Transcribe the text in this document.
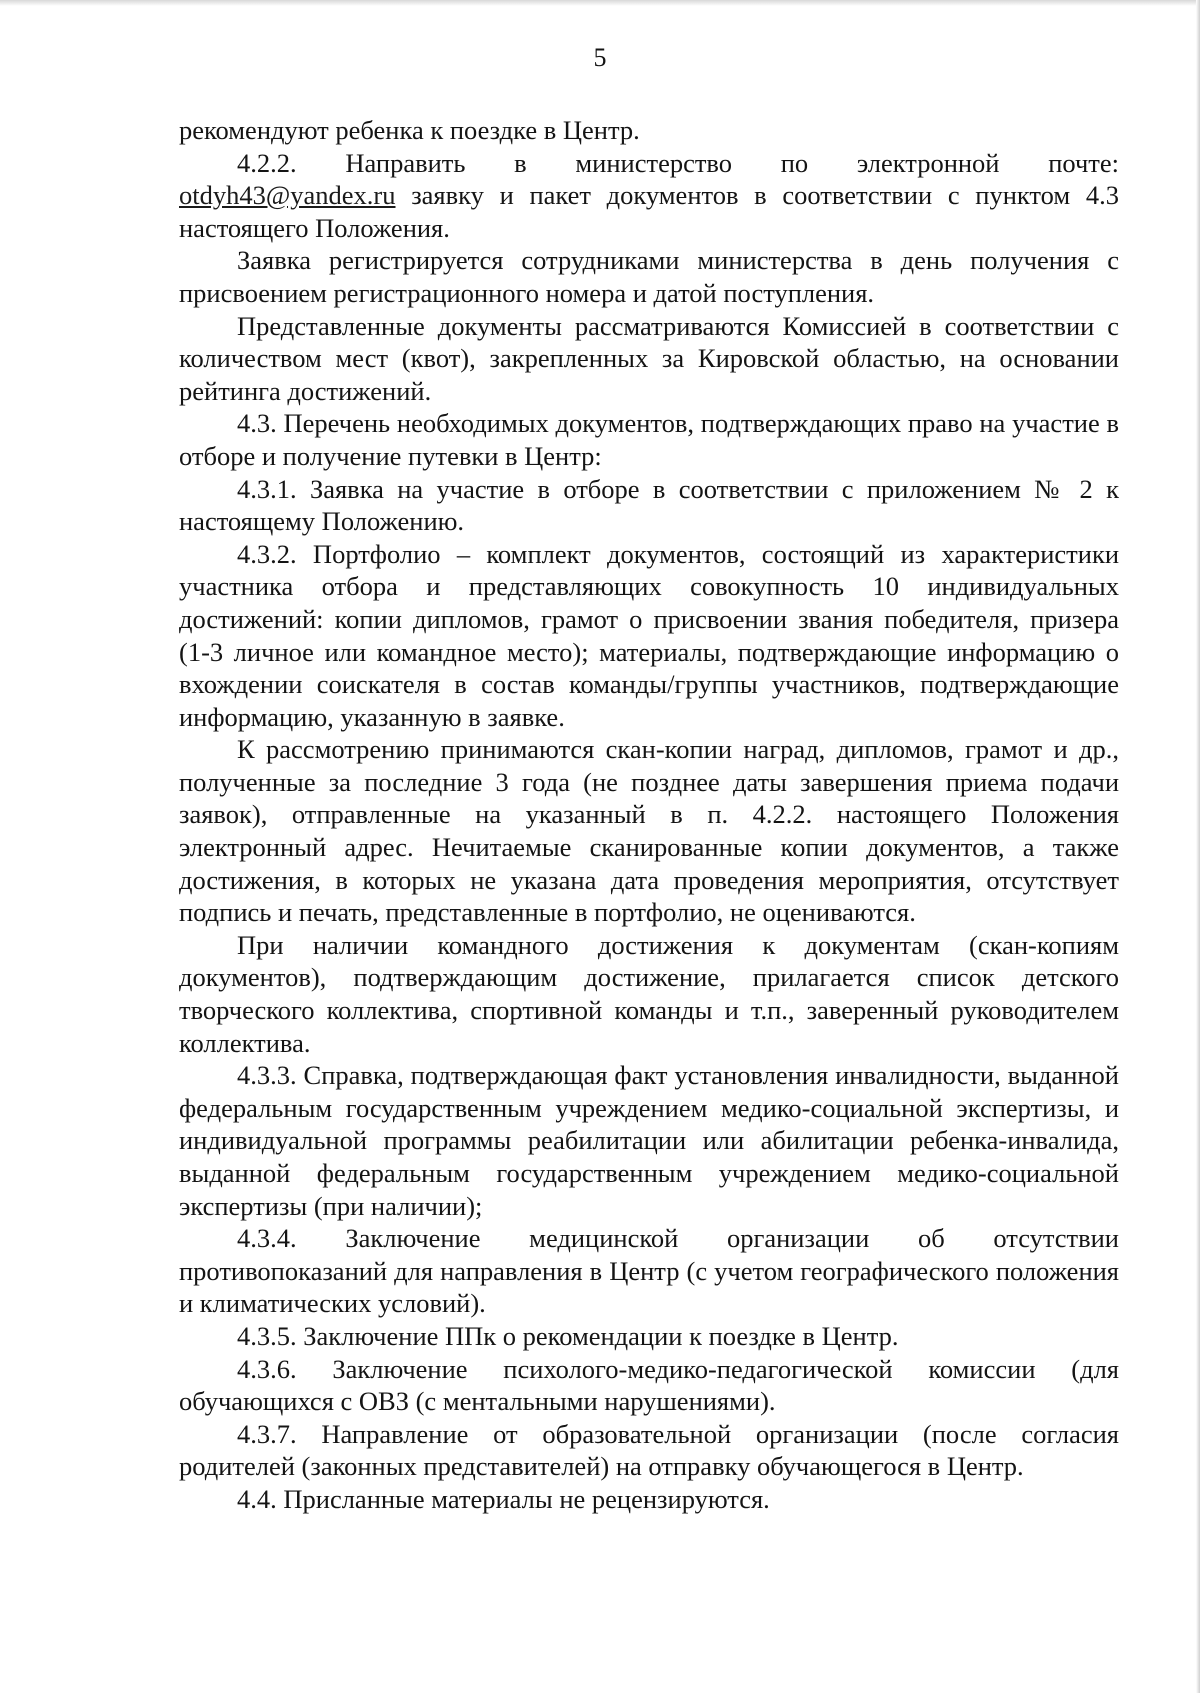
5

рекомендуют ребенка к поездке в Центр.

4.2.2. Направить в министерство по электронной почте:

otdyh43@yandex.ru заявку и пакет документов в соответствии с пунктом 4.3 настоящего Положения.

Заявка регистрируется сотрудниками министерства в день получения с присвоением регистрационного номера и датой поступления.

Представленные документы рассматриваются Комиссией в соответствии с количеством мест (квот), закрепленных за Кировской областью, на основании рейтинга достижений.

4.3. Перечень необходимых документов, подтверждающих право на участие в отборе и получение путевки в Центр:

4.3.1. Заявка на участие в отборе в соответствии с приложением № 2 к настоящему Положению.

4.3.2. Портфолио – комплект документов, состоящий из характеристики участника отбора и представляющих совокупность 10 индивидуальных достижений: копии дипломов, грамот о присвоении звания победителя, призера (1-3 личное или командное место); материалы, подтверждающие информацию о вхождении соискателя в состав команды/группы участников, подтверждающие информацию, указанную в заявке.

К рассмотрению принимаются скан-копии наград, дипломов, грамот и др., полученные за последние 3 года (не позднее даты завершения приема подачи заявок), отправленные на указанный в п. 4.2.2. настоящего Положения электронный адрес. Нечитаемые сканированные копии документов, а также достижения, в которых не указана дата проведения мероприятия, отсутствует подпись и печать, представленные в портфолио, не оцениваются.

При наличии командного достижения к документам (скан-копиям документов), подтверждающим достижение, прилагается список детского творческого коллектива, спортивной команды и т.п., заверенный руководителем коллектива.

4.3.3. Справка, подтверждающая факт установления инвалидности, выданной федеральным государственным учреждением медико-социальной экспертизы, и индивидуальной программы реабилитации или абилитации ребенка-инвалида, выданной федеральным государственным учреждением медико-социальной экспертизы (при наличии);

4.3.4. Заключение медицинской организации об отсутствии противопоказаний для направления в Центр (с учетом географического положения и климатических условий).

4.3.5. Заключение ППк о рекомендации к поездке в Центр.

4.3.6. Заключение психолого-медико-педагогической комиссии (для обучающихся с ОВЗ (с ментальными нарушениями).

4.3.7. Направление от образовательной организации (после согласия родителей (законных представителей) на отправку обучающегося в Центр.

4.4. Присланные материалы не рецензируются.
